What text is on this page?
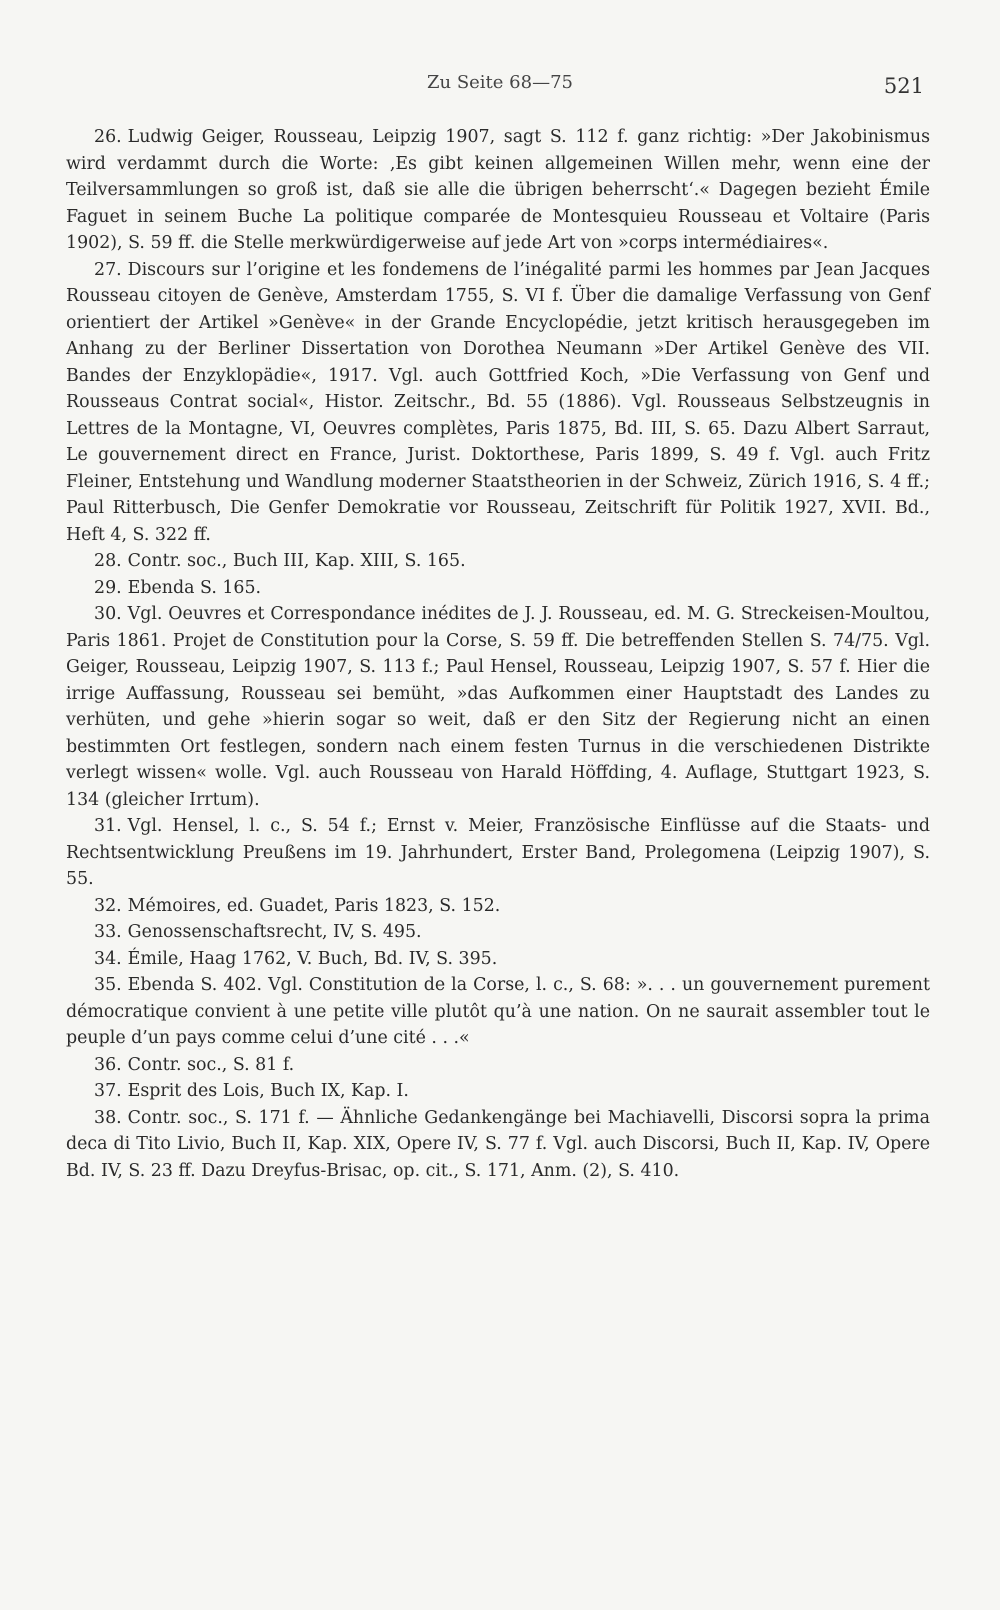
Zu Seite 68—75	521

26. Ludwig Geiger, Rousseau, Leipzig 1907, sagt S. 112 f. ganz richtig: »Der Jakobinismus wird verdammt durch die Worte: ‚Es gibt keinen allgemeinen Willen mehr, wenn eine der Teilversammlungen so groß ist, daß sie alle die übrigen beherrscht‘.« Dagegen bezieht Émile Faguet in seinem Buche La politique comparée de Montesquieu Rousseau et Voltaire (Paris 1902), S. 59 ff. die Stelle merkwürdigerweise auf jede Art von »corps intermédiaires«.

27. Discours sur l’origine et les fondemens de l’inégalité parmi les hommes par Jean Jacques Rousseau citoyen de Genève, Amsterdam 1755, S. VI f. Über die damalige Verfassung von Genf orientiert der Artikel »Genève« in der Grande Encyclopédie, jetzt kritisch herausgegeben im Anhang zu der Berliner Dissertation von Dorothea Neumann »Der Artikel Genève des VII. Bandes der Enzyklopädie«, 1917. Vgl. auch Gottfried Koch, »Die Verfassung von Genf und Rousseaus Contrat social«, Histor. Zeitschr., Bd. 55 (1886). Vgl. Rousseaus Selbstzeugnis in Lettres de la Montagne, VI, Oeuvres complètes, Paris 1875, Bd. III, S. 65. Dazu Albert Sarraut, Le gouvernement direct en France, Jurist. Doktorthese, Paris 1899, S. 49 f. Vgl. auch Fritz Fleiner, Entstehung und Wandlung moderner Staatstheorien in der Schweiz, Zürich 1916, S. 4 ff.; Paul Ritterbusch, Die Genfer Demokratie vor Rousseau, Zeitschrift für Politik 1927, XVII. Bd., Heft 4, S. 322 ff.

28. Contr. soc., Buch III, Kap. XIII, S. 165.

29. Ebenda S. 165.

30. Vgl. Oeuvres et Correspondance inédites de J. J. Rousseau, ed. M. G. Streckeisen-Moultou, Paris 1861. Projet de Constitution pour la Corse, S. 59 ff. Die betreffenden Stellen S. 74/75. Vgl. Geiger, Rousseau, Leipzig 1907, S. 113 f.; Paul Hensel, Rousseau, Leipzig 1907, S. 57 f. Hier die irrige Auffassung, Rousseau sei bemüht, »das Aufkommen einer Hauptstadt des Landes zu verhüten, und gehe »hierin sogar so weit, daß er den Sitz der Regierung nicht an einen bestimmten Ort festlegen, sondern nach einem festen Turnus in die verschiedenen Distrikte verlegt wissen« wolle. Vgl. auch Rousseau von Harald Höffding, 4. Auflage, Stuttgart 1923, S. 134 (gleicher Irrtum).

31. Vgl. Hensel, l. c., S. 54 f.; Ernst v. Meier, Französische Einflüsse auf die Staats- und Rechtsentwicklung Preußens im 19. Jahrhundert, Erster Band, Prolegomena (Leipzig 1907), S. 55.

32. Mémoires, ed. Guadet, Paris 1823, S. 152.

33. Genossenschaftsrecht, IV, S. 495.

34. Émile, Haag 1762, V. Buch, Bd. IV, S. 395.

35. Ebenda S. 402. Vgl. Constitution de la Corse, l. c., S. 68: ». . . un gouvernement purement démocratique convient à une petite ville plutôt qu’à une nation. On ne saurait assembler tout le peuple d’un pays comme celui d’une cité . . .«

36. Contr. soc., S. 81 f.

37. Esprit des Lois, Buch IX, Kap. I.

38. Contr. soc., S. 171 f. — Ähnliche Gedankengänge bei Machiavelli, Discorsi sopra la prima deca di Tito Livio, Buch II, Kap. XIX, Opere IV, S. 77 f. Vgl. auch Discorsi, Buch II, Kap. IV, Opere Bd. IV, S. 23 ff. Dazu Dreyfus-Brisac, op. cit., S. 171, Anm. (2), S. 410.
